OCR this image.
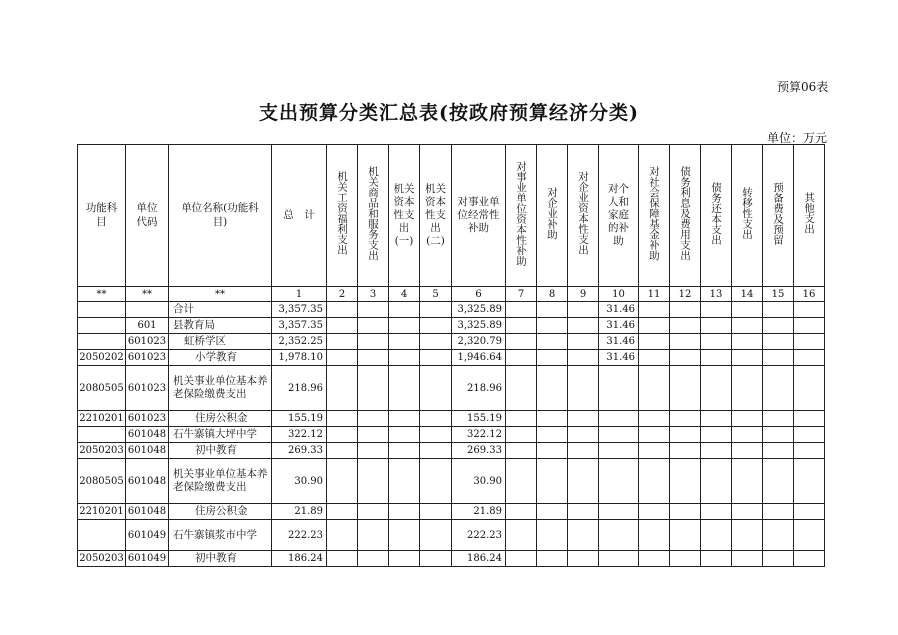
预算06表
支出预算分类汇总表(按政府预算经济分类)
单位：万元
功能科目	单位代码	单位名称(功能科目)	总　计	机关工资福利支出	机关商品和服务支出	机关资本性支出(一)	机关资本性支出(二)	对事业单位经常性补助	对事业单位资本性补助	对企业补助	对企业资本性支出	对个人和家庭的补助	对社会保障基金补助	债务利息及费用支出	债务还本支出	转移性支出	预备费及预留	其他支出
**	**	**	1	2	3	4	5	6	7	8	9	10	11	12	13	14	15	16
		合计	3,357.35					3,325.89				31.46						
	601	县教育局	3,357.35					3,325.89				31.46						
	601023	虹桥学区	2,352.25					2,320.79				31.46						
2050202	601023	小学教育	1,978.10					1,946.64				31.46						
2080505	601023	机关事业单位基本养老保险缴费支出	218.96					218.96										
2210201	601023	住房公积金	155.19					155.19										
	601048	石牛寨镇大坪中学	322.12					322.12										
2050203	601048	初中教育	269.33					269.33										
2080505	601048	机关事业单位基本养老保险缴费支出	30.90					30.90										
2210201	601048	住房公积金	21.89					21.89										
	601049	石牛寨镇浆市中学	222.23					222.23										
2050203	601049	初中教育	186.24					186.24										
